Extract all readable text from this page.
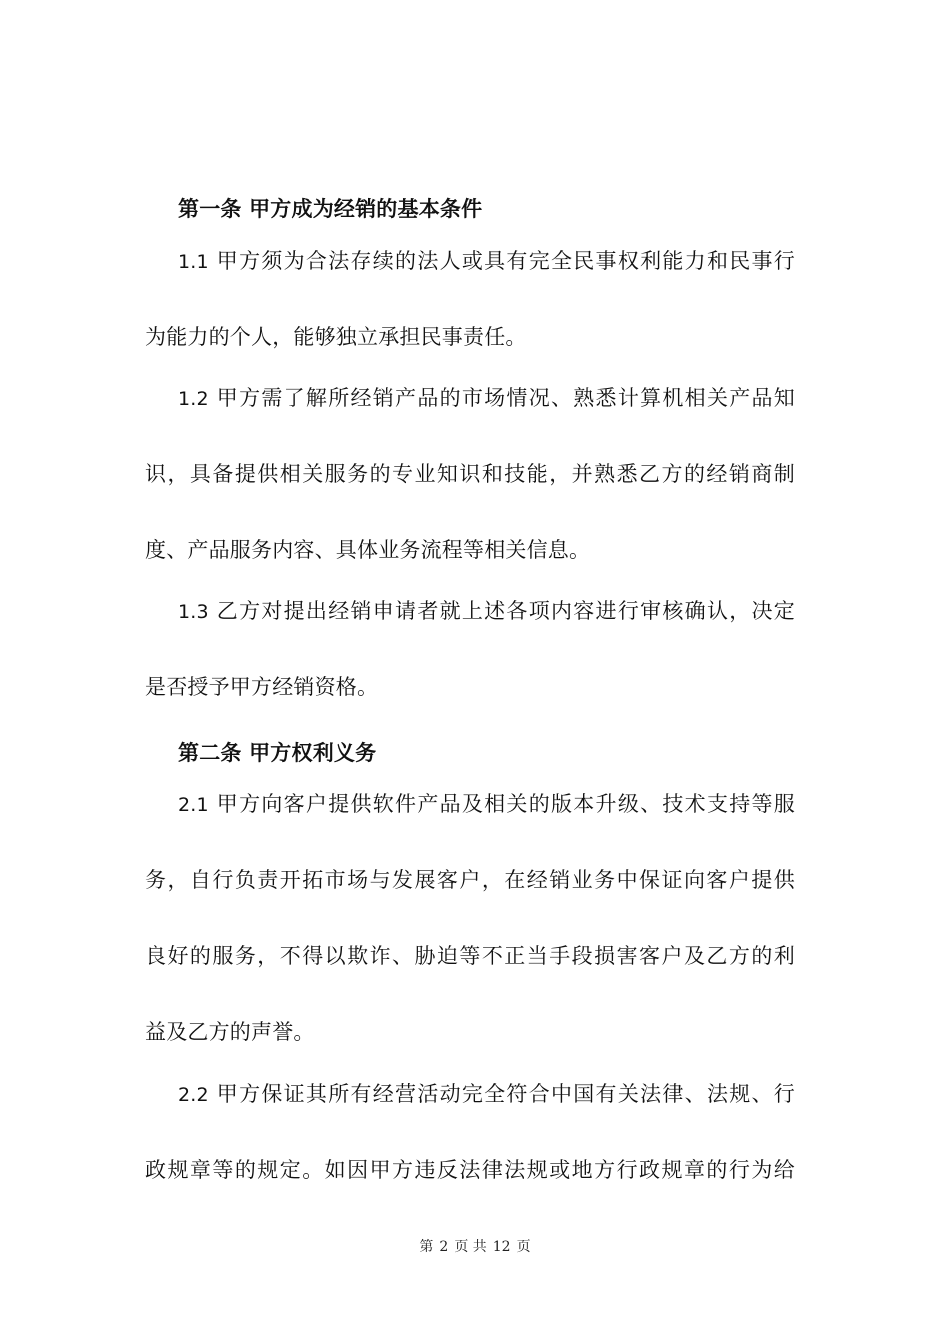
第一条 甲方成为经销的基本条件
1.1 甲方须为合法存续的法人或具有完全民事权利能力和民事行
为能力的个人，能够独立承担民事责任。
1.2 甲方需了解所经销产品的市场情况、熟悉计算机相关产品知
识，具备提供相关服务的专业知识和技能，并熟悉乙方的经销商制
度、产品服务内容、具体业务流程等相关信息。
1.3 乙方对提出经销申请者就上述各项内容进行审核确认，决定
是否授予甲方经销资格。
第二条 甲方权利义务
2.1 甲方向客户提供软件产品及相关的版本升级、技术支持等服
务，自行负责开拓市场与发展客户，在经销业务中保证向客户提供
良好的服务，不得以欺诈、胁迫等不正当手段损害客户及乙方的利
益及乙方的声誉。
2.2 甲方保证其所有经营活动完全符合中国有关法律、法规、行
政规章等的规定。如因甲方违反法律法规或地方行政规章的行为给
第 2 页 共 12 页
